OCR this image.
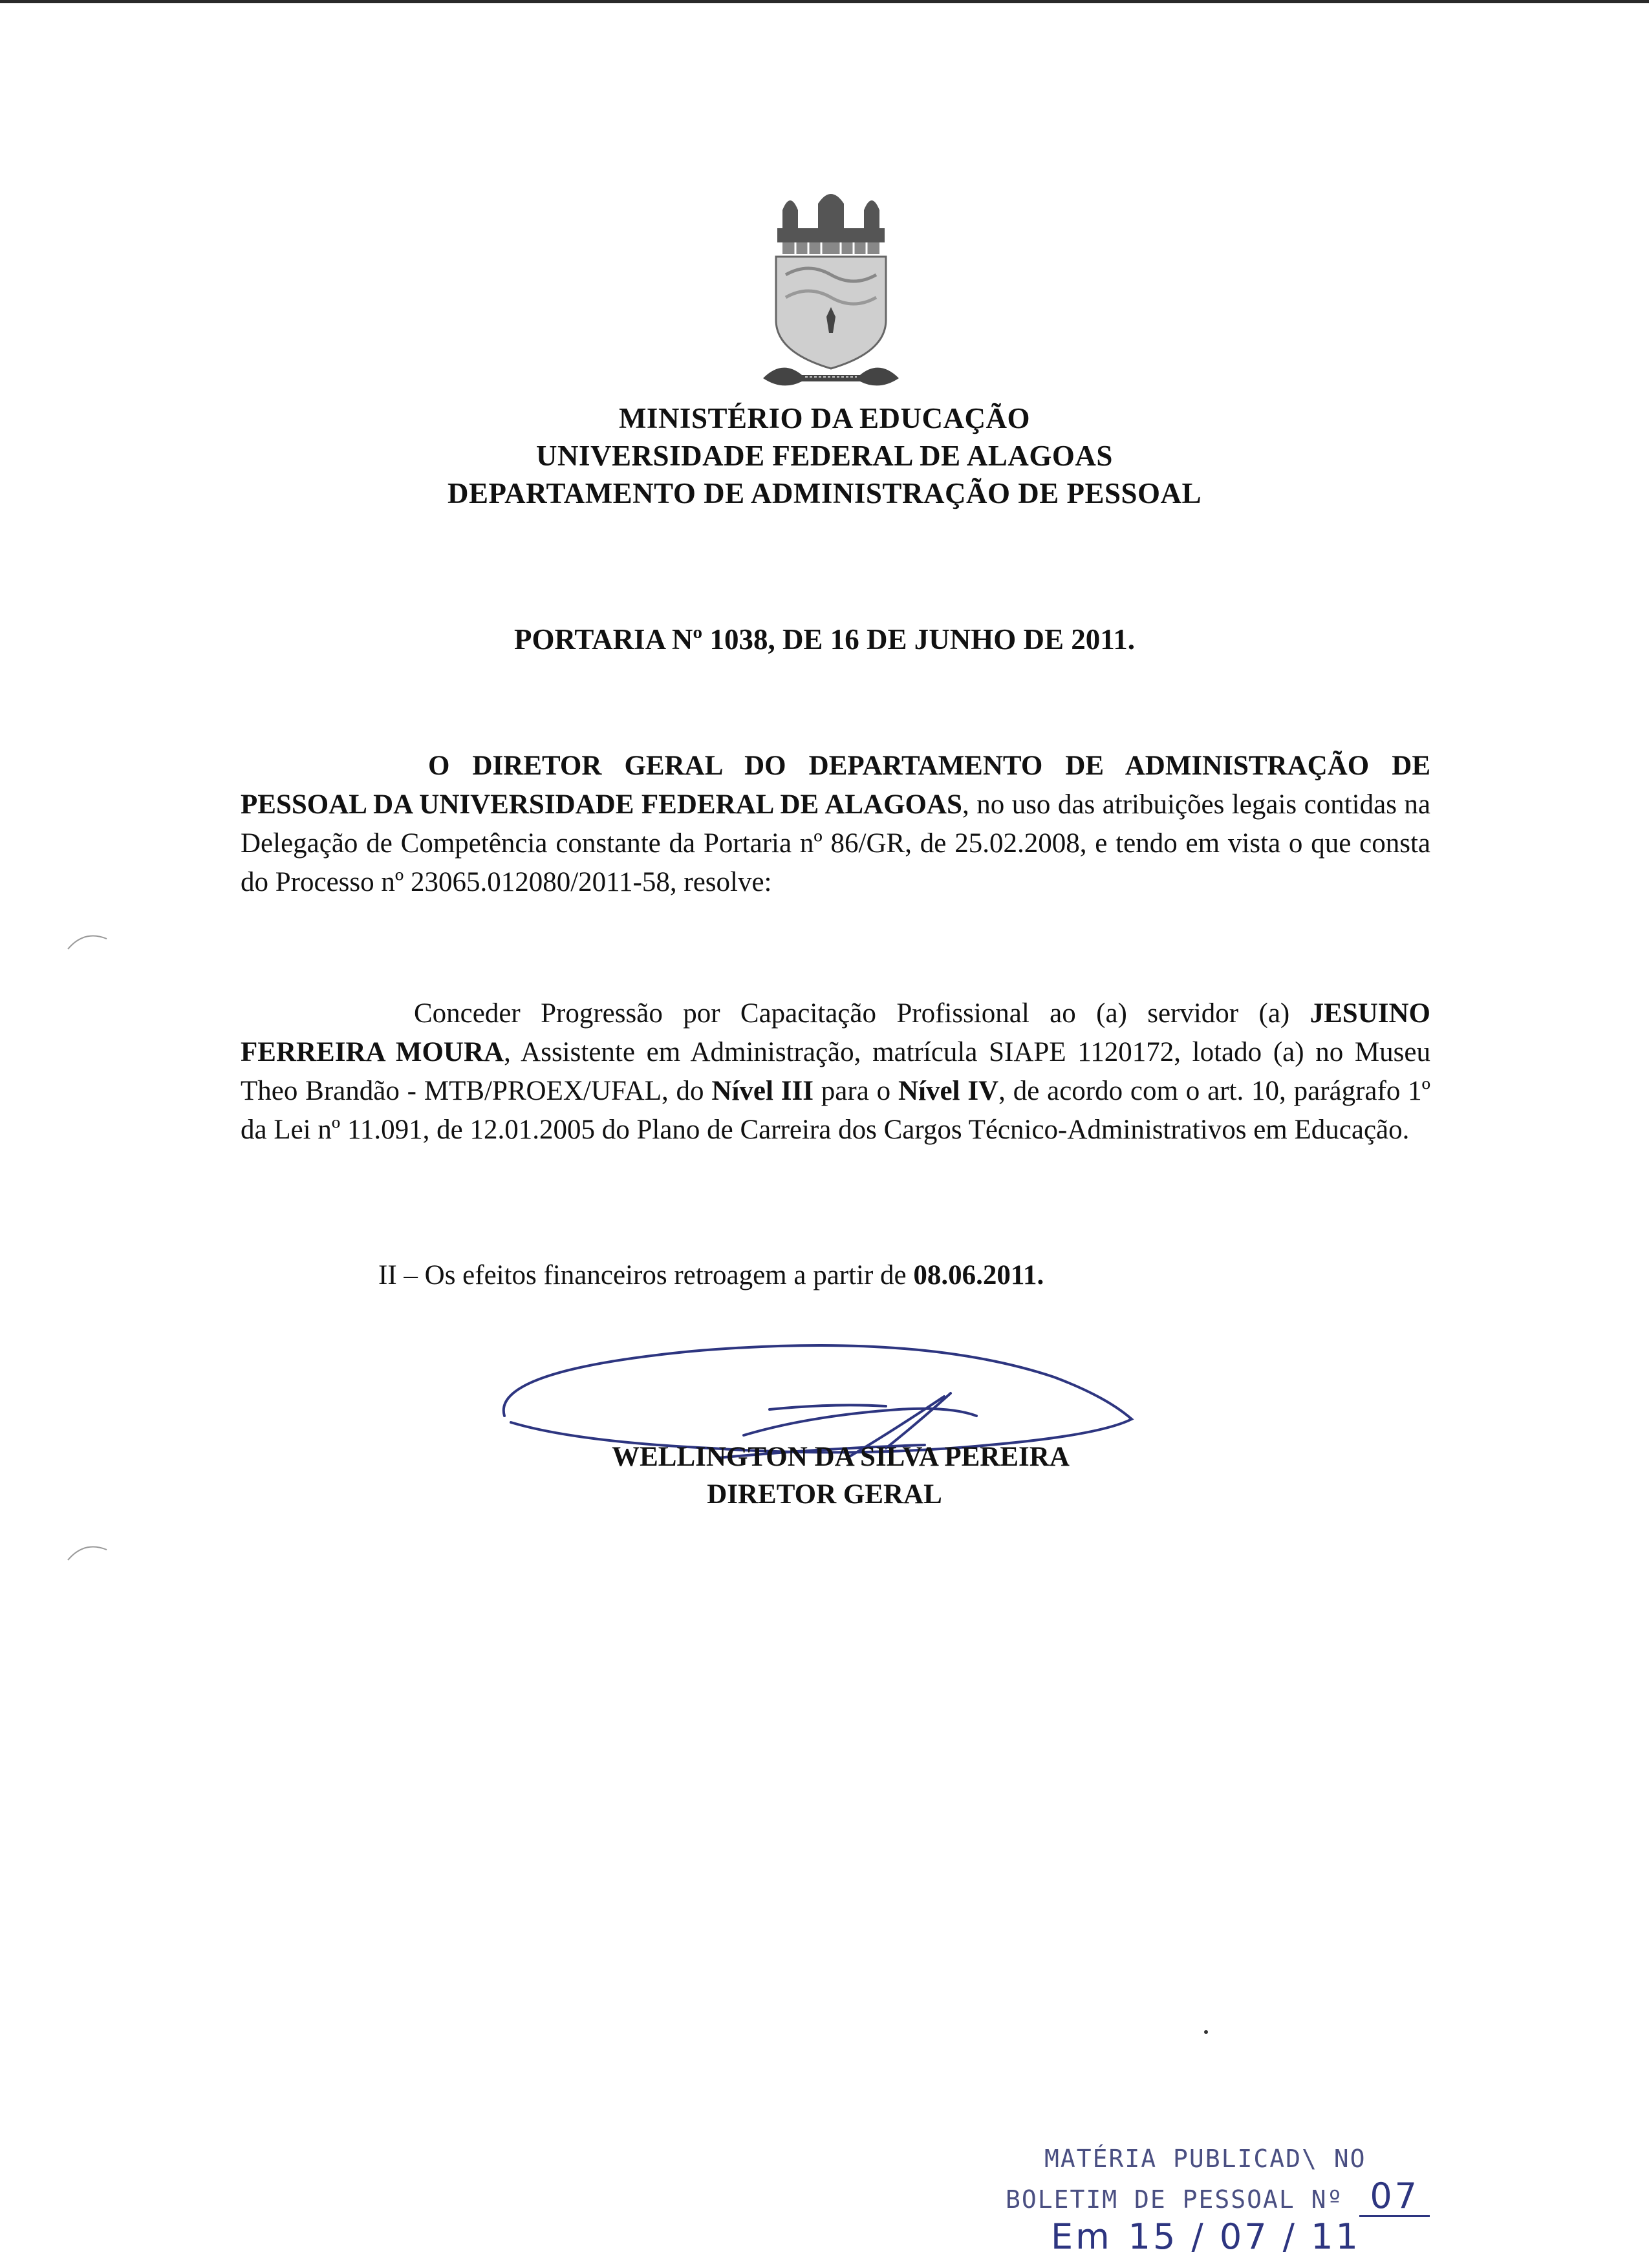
MINISTÉRIO DA EDUCAÇÃO
UNIVERSIDADE FEDERAL DE ALAGOAS
DEPARTAMENTO DE ADMINISTRAÇÃO DE PESSOAL
PORTARIA Nº 1038, DE 16 DE JUNHO DE 2011.

O DIRETOR GERAL DO DEPARTAMENTO DE ADMINISTRAÇÃO DE PESSOAL DA UNIVERSIDADE FEDERAL DE ALAGOAS, no uso das atribuições legais contidas na Delegação de Competência constante da Portaria nº 86/GR, de 25.02.2008, e tendo em vista o que consta do Processo nº 23065.012080/2011-58, resolve:

Conceder Progressão por Capacitação Profissional ao (a) servidor (a) JESUINO FERREIRA MOURA, Assistente em Administração, matrícula SIAPE 1120172, lotado (a) no Museu Theo Brandão - MTB/PROEX/UFAL, do Nível III para o Nível IV, de acordo com o art. 10, parágrafo 1º da Lei nº 11.091, de 12.01.2005 do Plano de Carreira dos Cargos Técnico-Administrativos em Educação.

II – Os efeitos financeiros retroagem a partir de 08.06.2011.
WELLINGTON DA SILVA PEREIRA
DIRETOR GERAL
MATÉRIA PUBLICAD\ NO
BOLETIM DE PESSOAL Nº 07
Em 15 / 07 / 11
